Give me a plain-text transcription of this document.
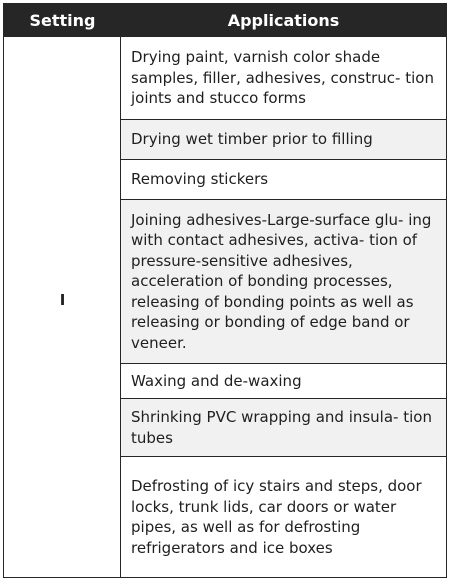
Setting	Applications
I
Drying paint, varnish color shade samples, filler, adhesives, construc- tion joints and stucco forms
Drying wet timber prior to filling
Removing stickers
Joining adhesives-Large-surface glu- ing with contact adhesives, activa- tion of pressure-sensitive adhesives, acceleration of bonding processes, releasing of bonding points as well as releasing or bonding of edge band or veneer.
Waxing and de-waxing
Shrinking PVC wrapping and insula- tion tubes
Defrosting of icy stairs and steps, door locks, trunk lids, car doors or water pipes, as well as for defrosting refrigerators and ice boxes
